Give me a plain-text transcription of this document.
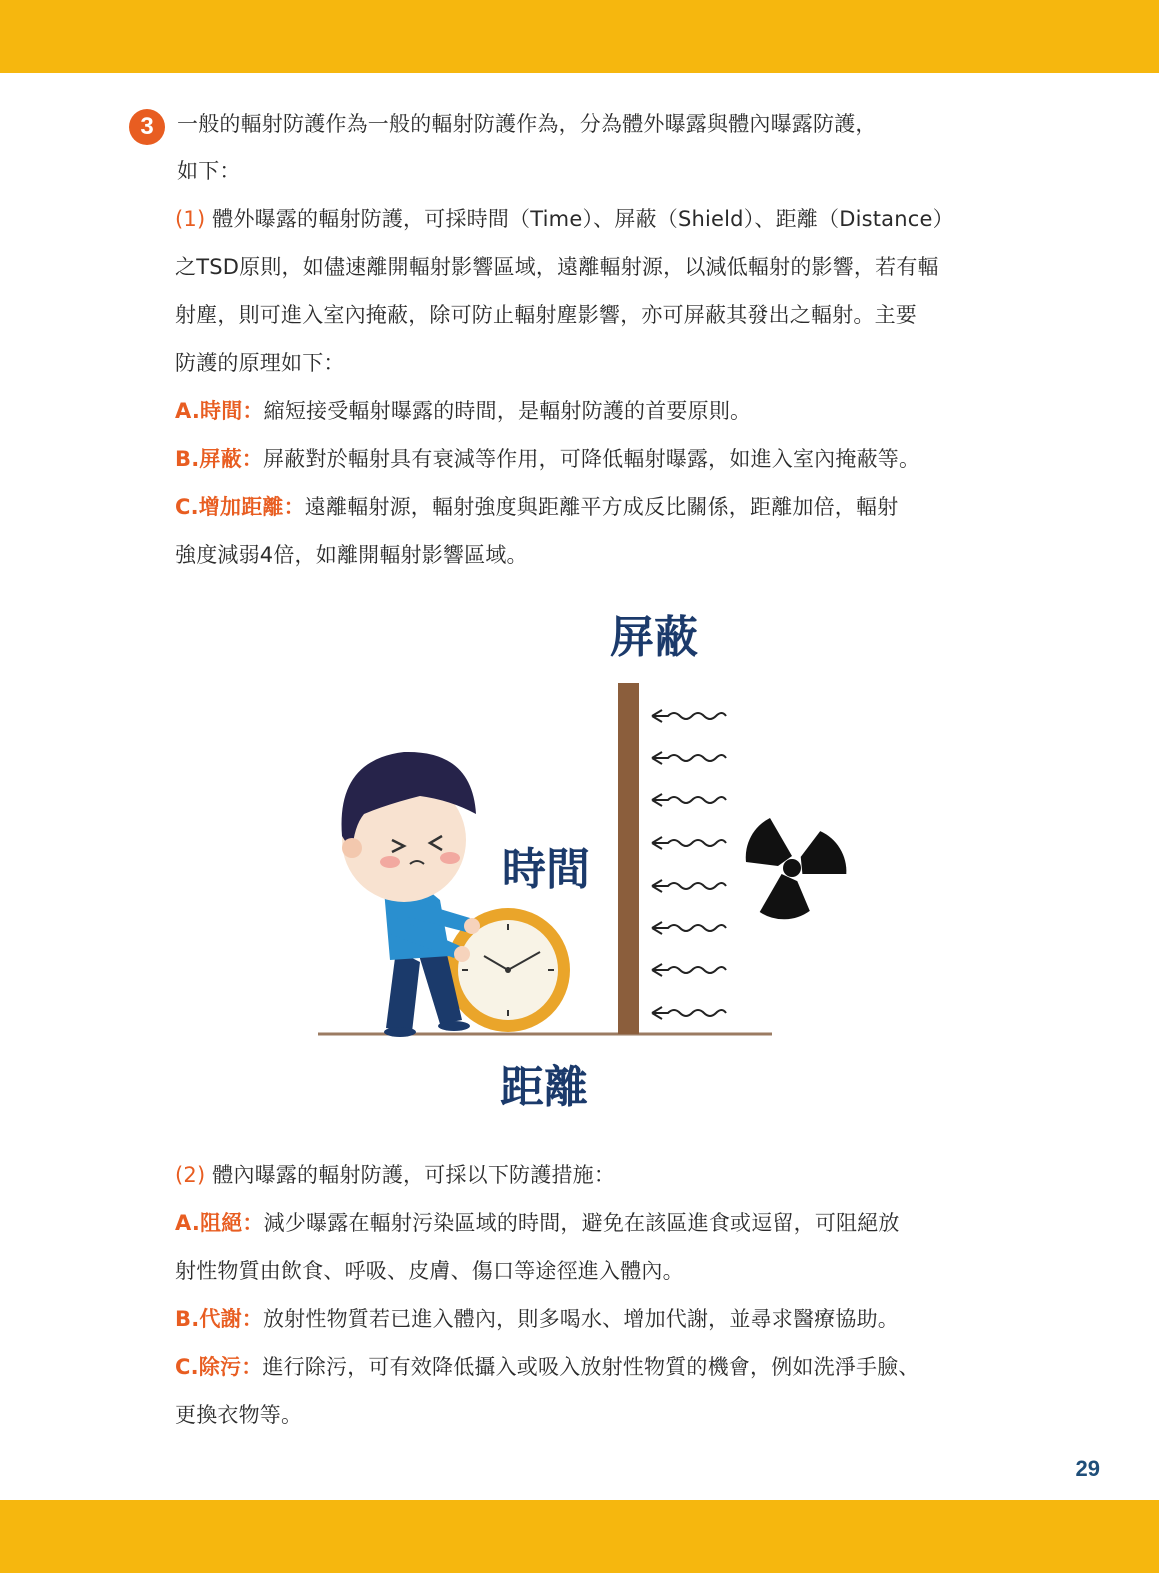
3	一般的輻射防護作為一般的輻射防護作為，分為體外曝露與體內曝露防護，
如下：
(1) 體外曝露的輻射防護，可採時間（Time）、屏蔽（Shield）、距離（Distance）
之TSD原則，如儘速離開輻射影響區域，遠離輻射源，以減低輻射的影響，若有輻
射塵，則可進入室內掩蔽，除可防止輻射塵影響，亦可屏蔽其發出之輻射。主要
防護的原理如下：
A.時間：縮短接受輻射曝露的時間，是輻射防護的首要原則。
B.屏蔽：屏蔽對於輻射具有衰減等作用，可降低輻射曝露，如進入室內掩蔽等。
C.增加距離：遠離輻射源，輻射強度與距離平方成反比關係，距離加倍，輻射
強度減弱4倍，如離開輻射影響區域。
屏蔽
時間
距離
(2) 體內曝露的輻射防護，可採以下防護措施：
A.阻絕：減少曝露在輻射污染區域的時間，避免在該區進食或逗留，可阻絕放
射性物質由飲食、呼吸、皮膚、傷口等途徑進入體內。
B.代謝：放射性物質若已進入體內，則多喝水、增加代謝，並尋求醫療協助。
C.除污：進行除污，可有效降低攝入或吸入放射性物質的機會，例如洗淨手臉、
更換衣物等。
29
